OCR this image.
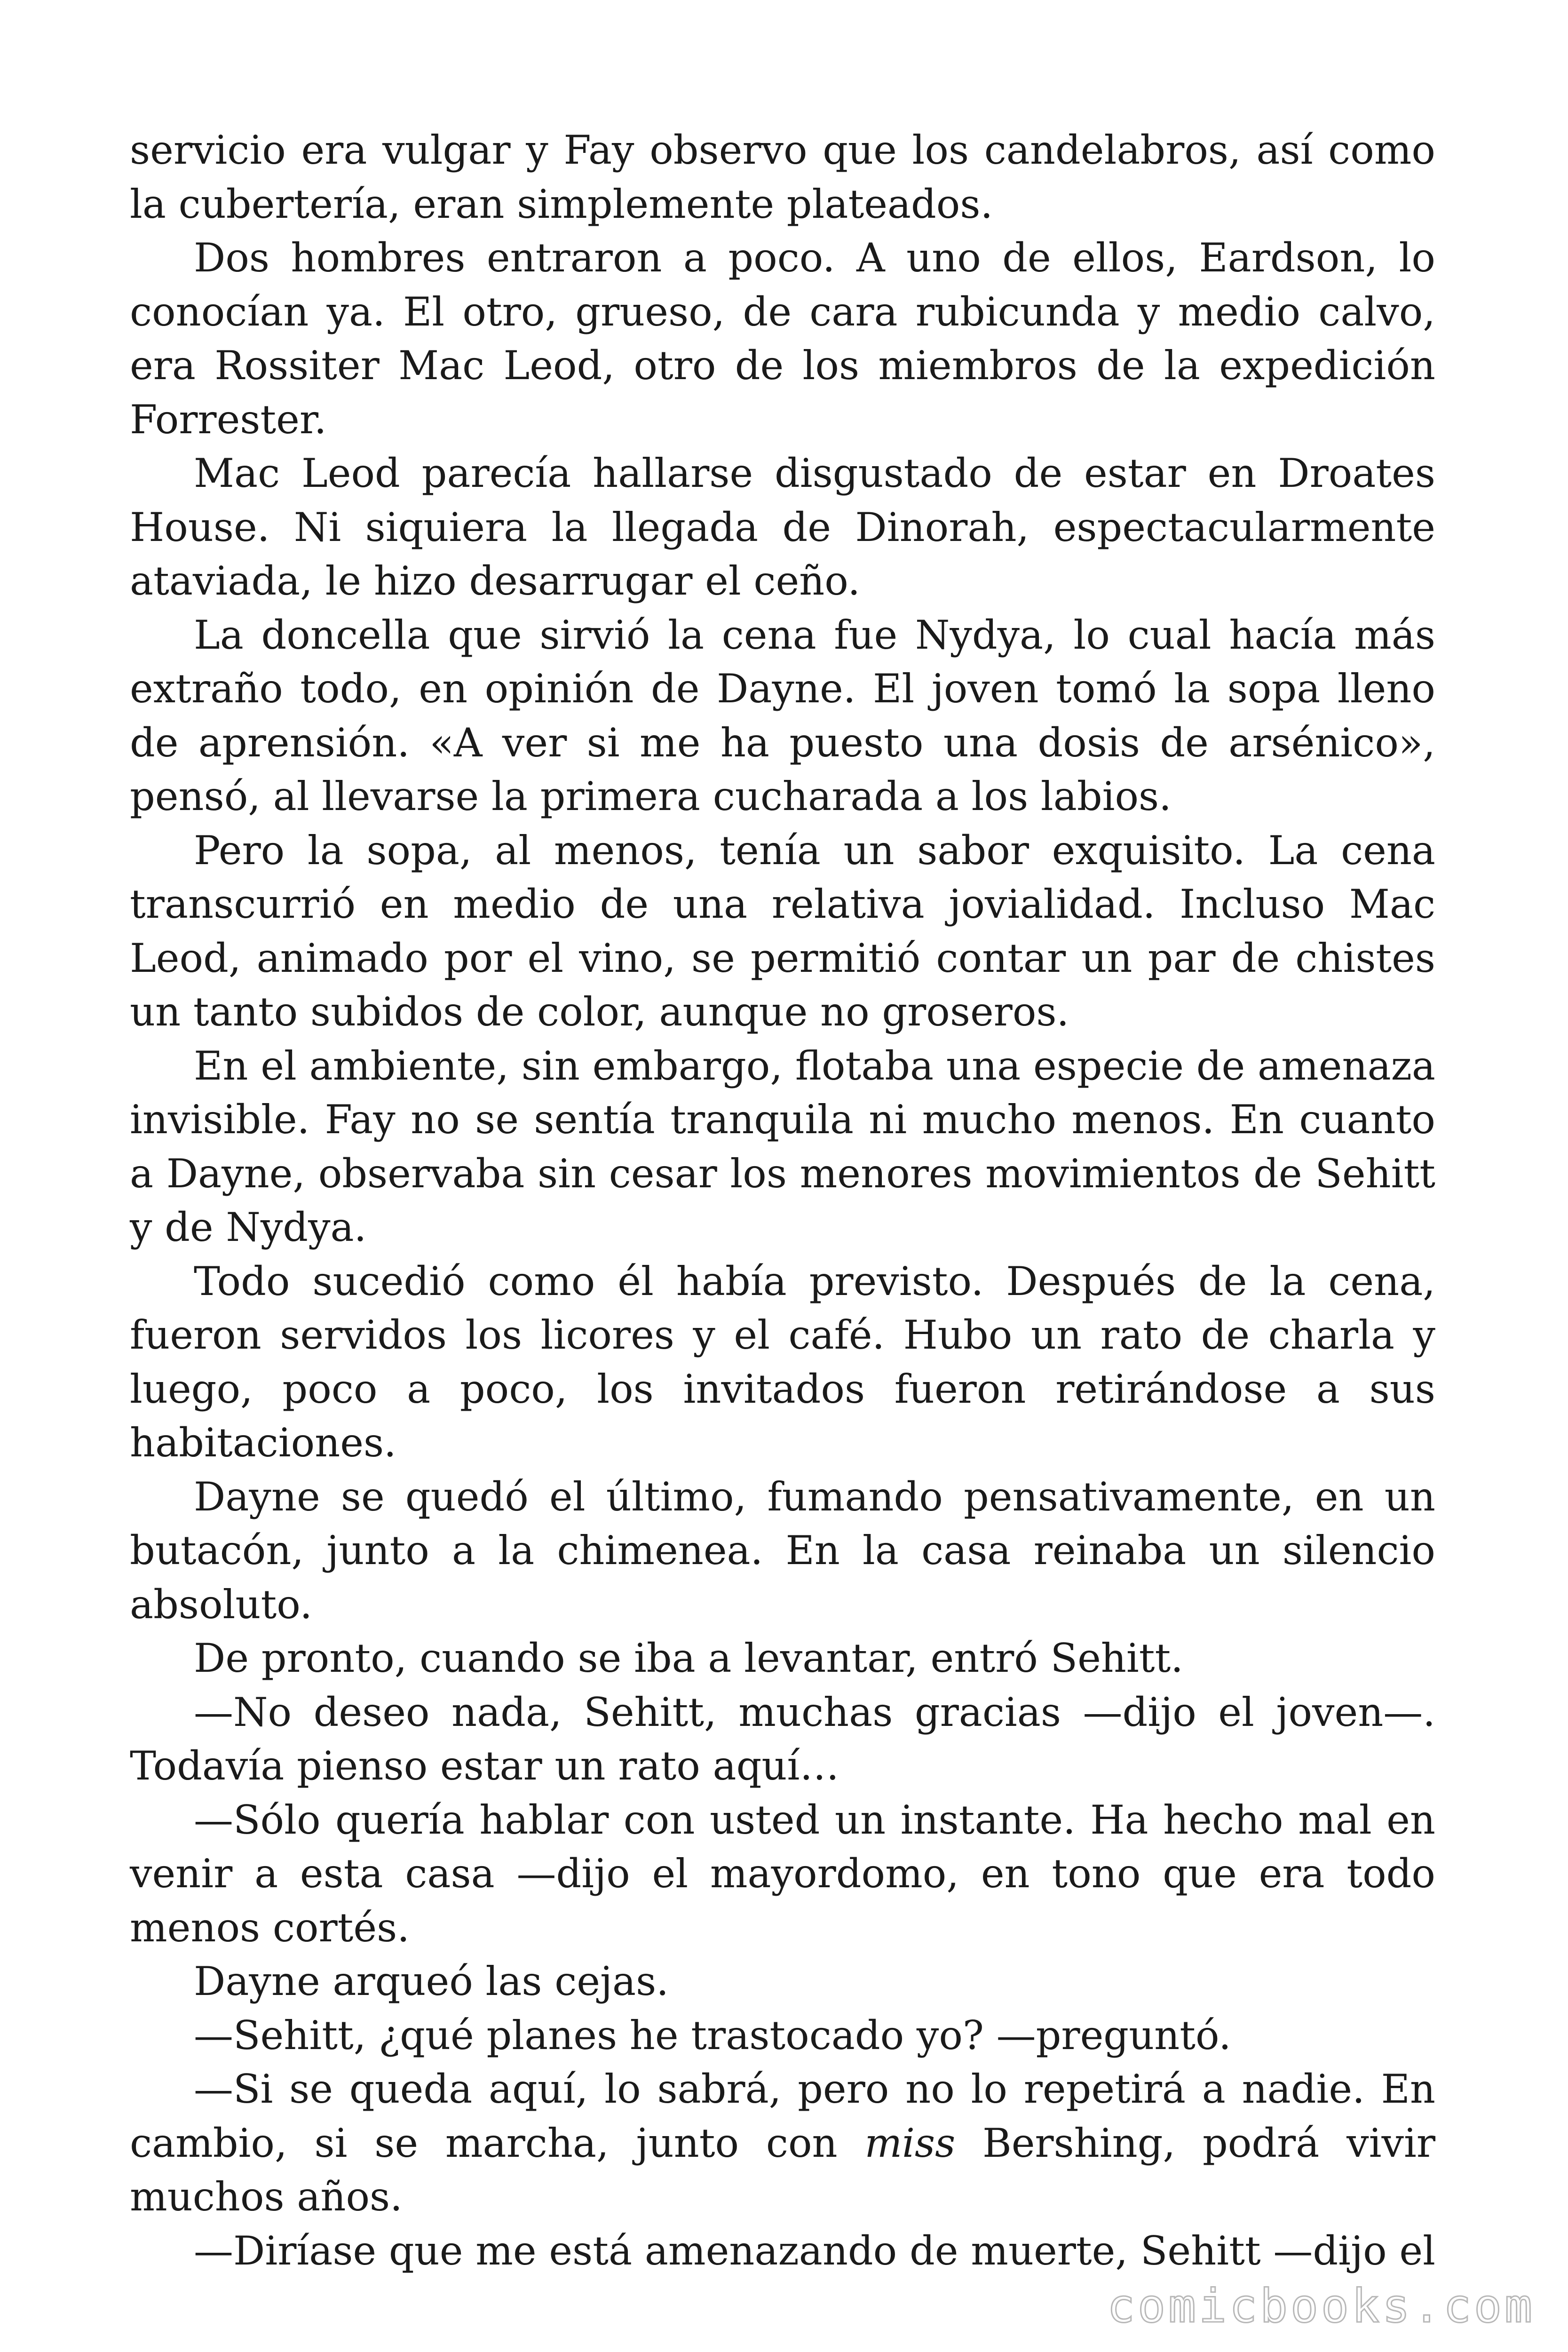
servicio era vulgar y Fay observo que los candelabros, así como la cubertería, eran simplemente plateados.

Dos hombres entraron a poco. A uno de ellos, Eardson, lo conocían ya. El otro, grueso, de cara rubicunda y medio calvo, era Rossiter Mac Leod, otro de los miembros de la expedición Forrester.

Mac Leod parecía hallarse disgustado de estar en Droates House. Ni siquiera la llegada de Dinorah, espectacularmente ataviada, le hizo desarrugar el ceño.

La doncella que sirvió la cena fue Nydya, lo cual hacía más extraño todo, en opinión de Dayne. El joven tomó la sopa lleno de aprensión. «A ver si me ha puesto una dosis de arsénico», pensó, al llevarse la primera cucharada a los labios.

Pero la sopa, al menos, tenía un sabor exquisito. La cena transcurrió en medio de una relativa jovialidad. Incluso Mac Leod, animado por el vino, se permitió contar un par de chistes un tanto subidos de color, aunque no groseros.

En el ambiente, sin embargo, flotaba una especie de amenaza invisible. Fay no se sentía tranquila ni mucho menos. En cuanto a Dayne, observaba sin cesar los menores movimientos de Sehitt y de Nydya.

Todo sucedió como él había previsto. Después de la cena, fueron servidos los licores y el café. Hubo un rato de charla y luego, poco a poco, los invitados fueron retirándose a sus habitaciones.

Dayne se quedó el último, fumando pensativamente, en un butacón, junto a la chimenea. En la casa reinaba un silencio absoluto.

De pronto, cuando se iba a levantar, entró Sehitt.

—No deseo nada, Sehitt, muchas gracias —dijo el joven—. Todavía pienso estar un rato aquí…

—Sólo quería hablar con usted un instante. Ha hecho mal en venir a esta casa —dijo el mayordomo, en tono que era todo menos cortés.

Dayne arqueó las cejas.

—Sehitt, ¿qué planes he trastocado yo? —preguntó.

—Si se queda aquí, lo sabrá, pero no lo repetirá a nadie. En cambio, si se marcha, junto con miss Bershing, podrá vivir muchos años.

—Diríase que me está amenazando de muerte, Sehitt —dijo el

comicbooks.com
